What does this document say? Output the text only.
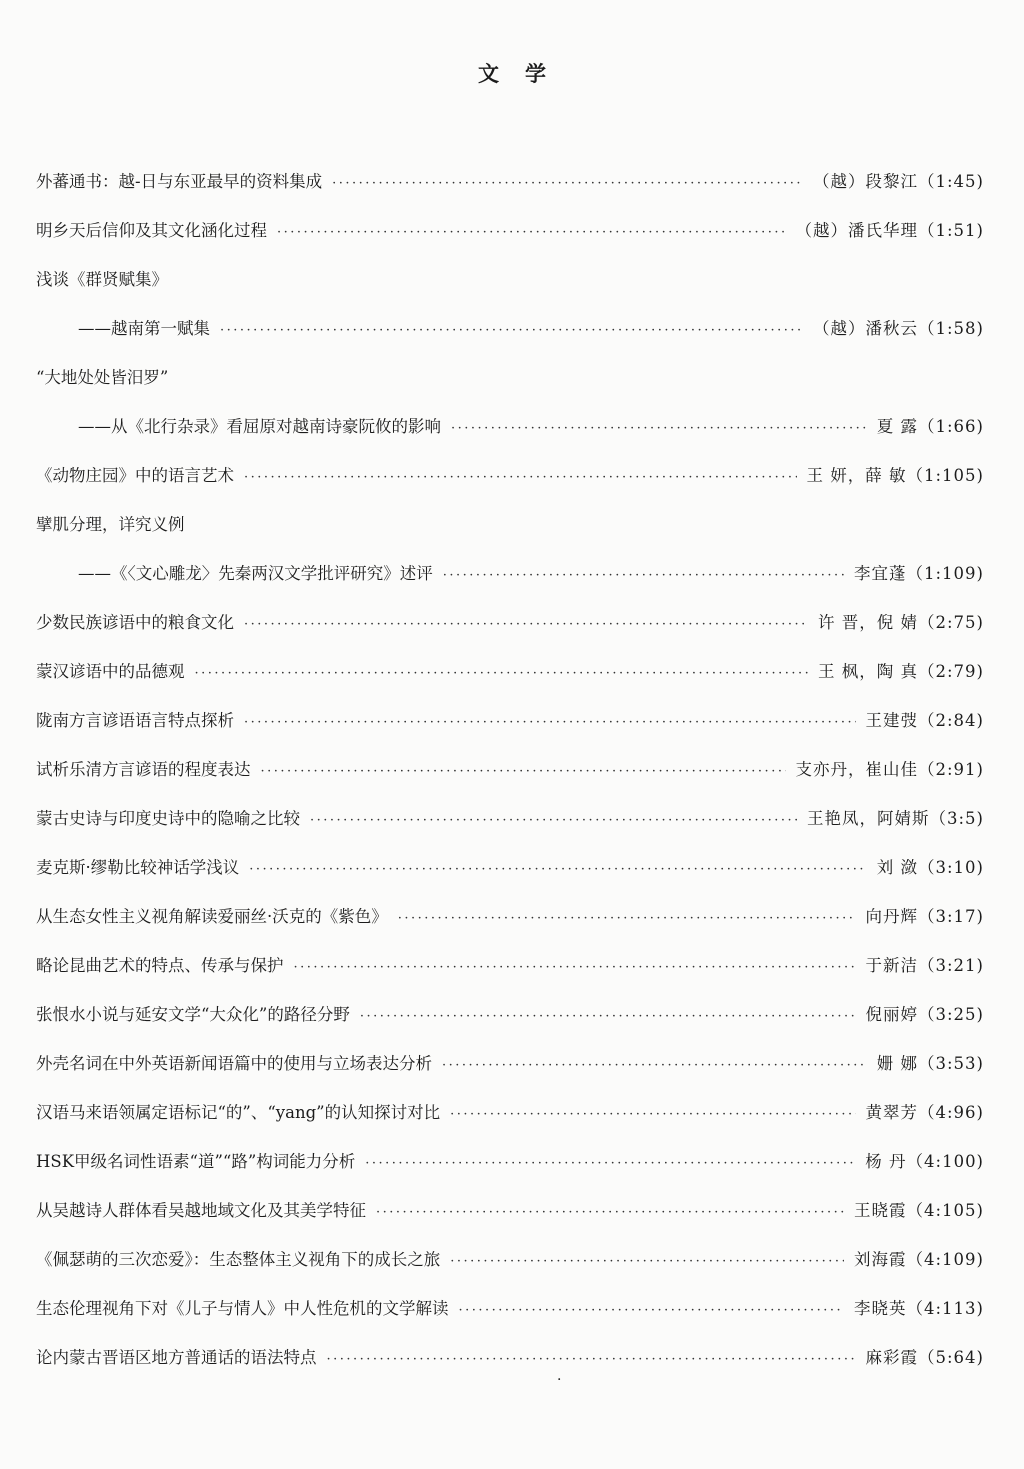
文学
外蕃通书：越-日与东亚最早的资料集成 ·····	（越）段黎江（1:45)
明乡天后信仰及其文化涵化过程 ·····	（越）潘氏华理（1:51)
浅谈《群贤赋集》
——越南第一赋集 ·····	（越）潘秋云（1:58)
“大地处处皆汨罗”
——从《北行杂录》看屈原对越南诗豪阮攸的影响 ·····	夏 露（1:66)
《动物庄园》中的语言艺术 ·····	王 妍，薛 敏（1:105)
擘肌分理，详究义例
——《〈文心雕龙〉先秦两汉文学批评研究》述评 ·····	李宜蓬（1:109)
少数民族谚语中的粮食文化 ·····	许 晋，倪 婧（2:75)
蒙汉谚语中的品德观 ·····	王 枫，陶 真（2:79)
陇南方言谚语语言特点探析 ·····	王建弢（2:84)
试析乐清方言谚语的程度表达 ·····	支亦丹，崔山佳（2:91)
蒙古史诗与印度史诗中的隐喻之比较 ·····	王艳凤，阿婧斯（3:5)
麦克斯·缪勒比较神话学浅议 ·····	刘 潋（3:10)
从生态女性主义视角解读爱丽丝·沃克的《紫色》 ·····	向丹辉（3:17)
略论昆曲艺术的特点、传承与保护 ·····	于新洁（3:21)
张恨水小说与延安文学“大众化”的路径分野 ·····	倪丽婷（3:25)
外壳名词在中外英语新闻语篇中的使用与立场表达分析 ·····	姗 娜（3:53)
汉语马来语领属定语标记“的”、“yang”的认知探讨对比 ·····	黄翠芳（4:96)
HSK甲级名词性语素“道”“路”构词能力分析 ·····	杨 丹（4:100)
从吴越诗人群体看吴越地域文化及其美学特征 ·····	王晓霞（4:105)
《佩瑟萌的三次恋爱》：生态整体主义视角下的成长之旅 ·····	刘海霞（4:109)
生态伦理视角下对《儿子与情人》中人性危机的文学解读 ·····	李晓英（4:113)
论内蒙古晋语区地方普通话的语法特点 ·····	麻彩霞（5:64)
·
